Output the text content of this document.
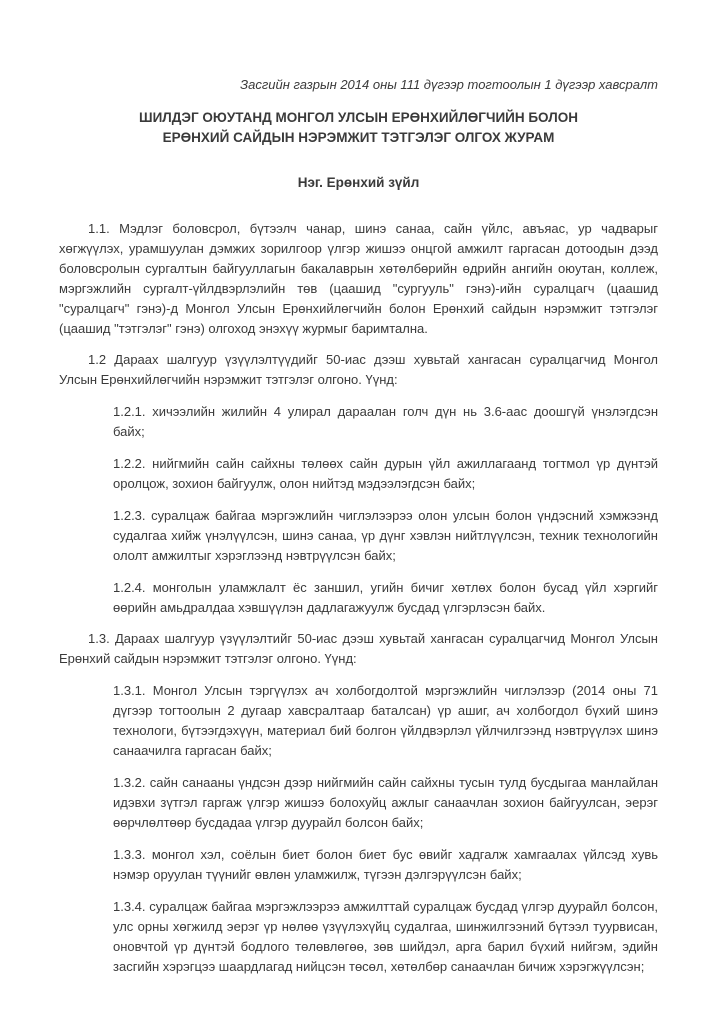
Засгийн газрын 2014 оны 111 дүгээр тогтоолын 1 дүгээр хавсралт

ШИЛДЭГ ОЮУТАНД МОНГОЛ УЛСЫН ЕРӨНХИЙЛӨГЧИЙН БОЛОН
ЕРӨНХИЙ САЙДЫН НЭРЭМЖИТ ТЭТГЭЛЭГ ОЛГОХ ЖУРАМ
Нэг. Ерөнхий зүйл

1.1. Мэдлэг боловсрол, бүтээлч чанар, шинэ санаа, сайн үйлс, авъяас, ур чадварыг хөгжүүлэх, урамшуулан дэмжих зорилгоор үлгэр жишээ онцгой амжилт гаргасан дотоодын дээд боловсролын сургалтын байгууллагын бакалаврын хөтөлбөрийн өдрийн ангийн оюутан, коллеж, мэргэжлийн сургалт-үйлдвэрлэлийн төв (цаашид "сургууль" гэнэ)-ийн суралцагч (цаашид "суралцагч" гэнэ)-д Монгол Улсын Ерөнхийлөгчийн болон Ерөнхий сайдын нэрэмжит тэтгэлэг (цаашид "тэтгэлэг" гэнэ) олгоход энэхүү журмыг баримтална.

1.2 Дараах шалгуур үзүүлэлтүүдийг 50-иас дээш хувьтай хангасан суралцагчид Монгол Улсын Ерөнхийлөгчийн нэрэмжит тэтгэлэг олгоно. Үүнд:

1.2.1. хичээлийн жилийн 4 улирал дараалан голч дүн нь 3.6-аас доошгүй үнэлэгдсэн байх;

1.2.2. нийгмийн сайн сайхны төлөөх сайн дурын үйл ажиллагаанд тогтмол үр дүнтэй оролцож, зохион байгуулж, олон нийтэд мэдээлэгдсэн байх;

1.2.3. суралцаж байгаа мэргэжлийн чиглэлээрээ олон улсын болон үндэсний хэмжээнд судалгаа хийж үнэлүүлсэн, шинэ санаа, үр дүнг хэвлэн нийтлүүлсэн, техник технологийн ололт амжилтыг хэрэглээнд нэвтрүүлсэн байх;

1.2.4. монголын уламжлалт ёс заншил, угийн бичиг хөтлөх болон бусад үйл хэргийг өөрийн амьдралдаа хэвшүүлэн дадлагажуулж бусдад үлгэрлэсэн байх.

1.3. Дараах шалгуур үзүүлэлтийг 50-иас дээш хувьтай хангасан суралцагчид Монгол Улсын Ерөнхий сайдын нэрэмжит тэтгэлэг олгоно. Үүнд:

1.3.1. Монгол Улсын тэргүүлэх ач холбогдолтой мэргэжлийн чиглэлээр (2014 оны 71 дүгээр тогтоолын 2 дугаар хавсралтаар баталсан) үр ашиг, ач холбогдол бүхий шинэ технологи, бүтээгдэхүүн, материал бий болгон үйлдвэрлэл үйлчилгээнд нэвтрүүлэх шинэ санаачилга гаргасан байх;

1.3.2. сайн санааны үндсэн дээр нийгмийн сайн сайхны тусын тулд бусдыгаа манлайлан идэвхи зүтгэл гаргаж үлгэр жишээ болохуйц ажлыг санаачлан зохион байгуулсан, эерэг өөрчлөлтөөр бусдадаа үлгэр дуурайл болсон байх;

1.3.3. монгол хэл, соёлын биет болон биет бус өвийг хадгалж хамгаалах үйлсэд хувь нэмэр оруулан түүнийг өвлөн уламжилж, түгээн дэлгэрүүлсэн байх;

1.3.4. суралцаж байгаа мэргэжлээрээ амжилттай суралцаж бусдад үлгэр дуурайл болсон, улс орны хөгжилд эерэг үр нөлөө үзүүлэхүйц судалгаа, шинжилгээний бүтээл туурвисан, оновчтой үр дүнтэй бодлого төлөвлөгөө, зөв шийдэл, арга барил бүхий нийгэм, эдийн засгийн хэрэгцээ шаардлагад нийцсэн төсөл, хөтөлбөр санаачлан бичиж хэрэгжүүлсэн;
